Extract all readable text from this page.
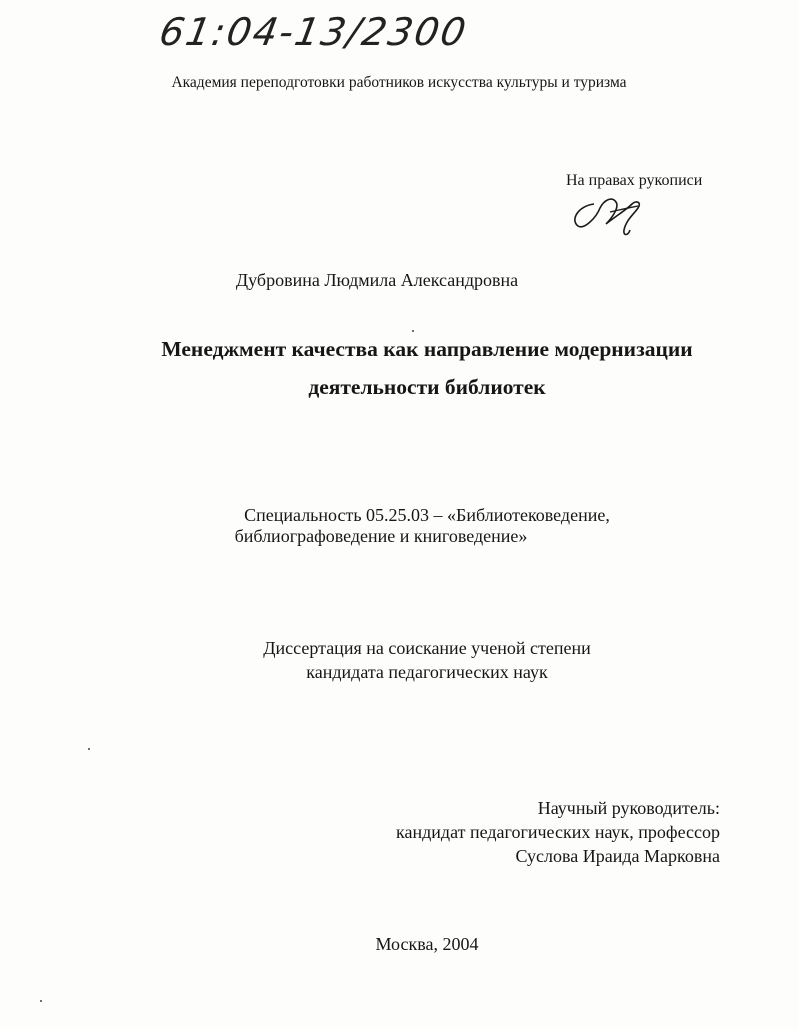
61:04-13/2300
Академия переподготовки работников искусства культуры и туризма
На правах рукописи
Дубровина Людмила Александровна
Менеджмент качества как направление модернизации
деятельности библиотек
Специальность 05.25.03 – «Библиотековедение,
библиографоведение и книговедение»
Диссертация на соискание ученой степени
кандидата педагогических наук
Научный руководитель:
кандидат педагогических наук, профессор
Суслова Ираида Марковна
Москва, 2004
